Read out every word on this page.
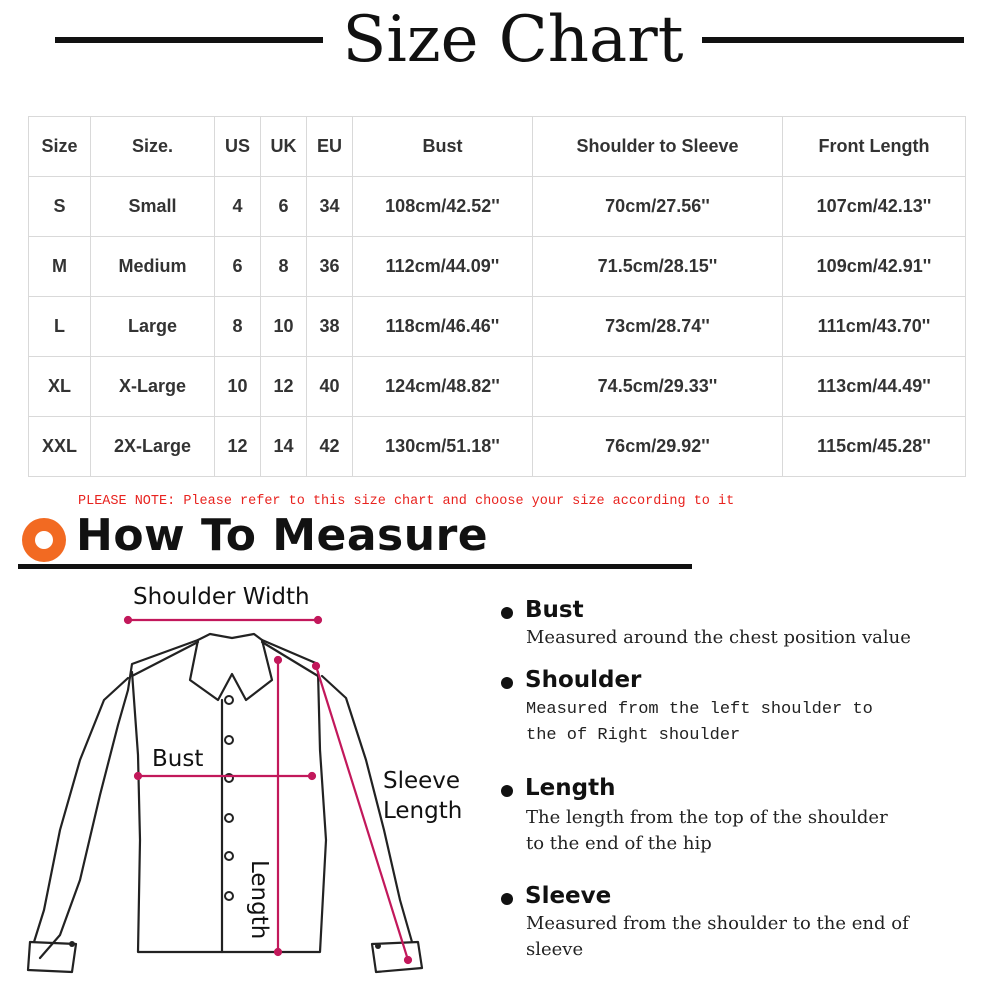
Size Chart
Size	Size.	US	UK	EU	Bust	Shoulder to Sleeve	Front Length
S	Small	4	6	34	108cm/42.52''	70cm/27.56''	107cm/42.13''
M	Medium	6	8	36	112cm/44.09''	71.5cm/28.15''	109cm/42.91''
L	Large	8	10	38	118cm/46.46''	73cm/28.74''	111cm/43.70''
XL	X-Large	10	12	40	124cm/48.82''	74.5cm/29.33''	113cm/44.49''
XXL	2X-Large	12	14	42	130cm/51.18''	76cm/29.92''	115cm/45.28''
PLEASE NOTE: Please refer to this size chart and choose your size according to it
How To Measure
Shoulder Width
Bust
Length
Sleeve
Length
Bust
Measured around the chest position value
Shoulder
Measured from the left shoulder to the of Right shoulder
Length
The length from the top of the shoulder to the end of the hip
Sleeve
Measured from the shoulder to the end of sleeve
